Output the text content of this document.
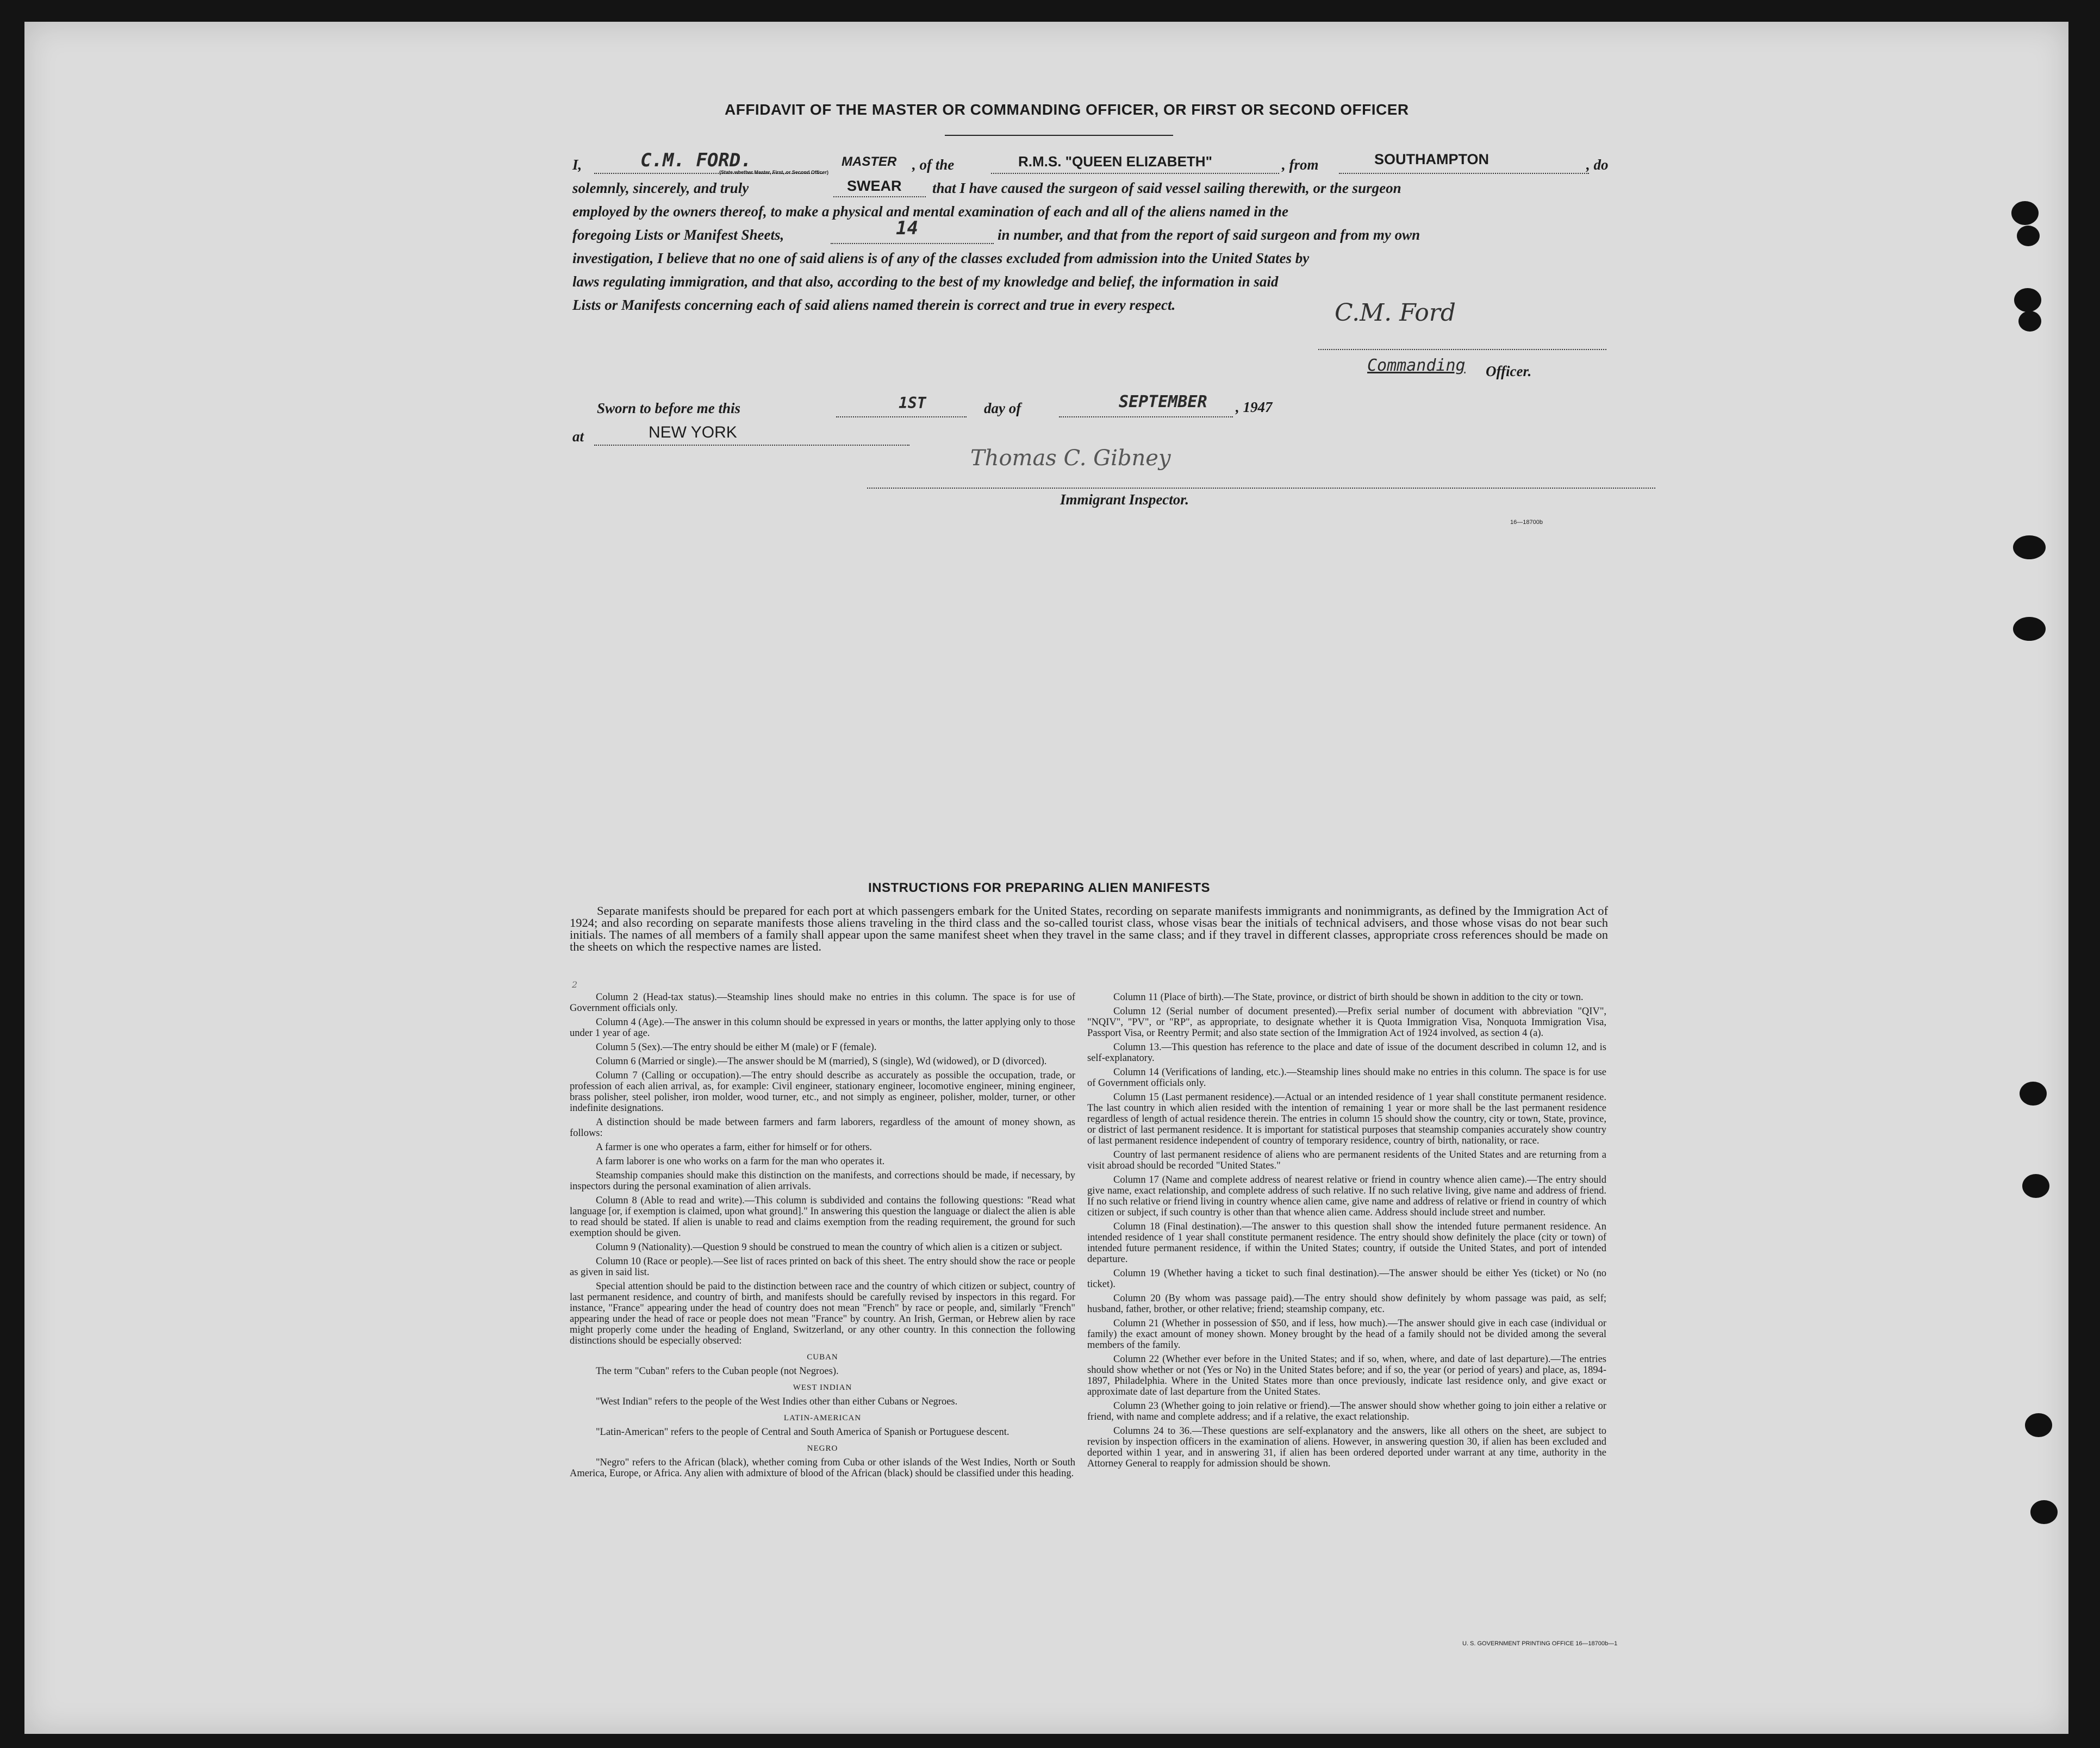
AFFIDAVIT OF THE MASTER OR COMMANDING OFFICER, OR FIRST OR SECOND OFFICER
I,	C.M. FORD.	MASTER
(State whether Master, First, or Second Officer)	, of the	R.M.S. "QUEEN ELIZABETH"	, from	SOUTHAMPTON	, do
solemnly, sincerely, and truly	SWEAR that I have caused the surgeon of said vessel sailing therewith, or the surgeon
employed by the owners thereof, to make a physical and mental examination of each and all of the aliens named in the
foregoing Lists or Manifest Sheets,	14	in number, and that from the report of said surgeon and from my own
investigation, I believe that no one of said aliens is of any of the classes excluded from admission into the United States by
laws regulating immigration, and that also, according to the best of my knowledge and belief, the information in said
Lists or Manifests concerning each of said aliens named therein is correct and true in every respect.	C.M. Ford
Commanding Officer.
Sworn to before me this	1ST	day of	SEPTEMBER , 1947
at	NEW YORK
Thomas C. Gibney
Immigrant Inspector.
16—18700b
INSTRUCTIONS FOR PREPARING ALIEN MANIFESTS
Separate manifests should be prepared for each port at which passengers embark for the United States, recording on separate manifests immigrants and nonimmigrants, as defined by the Immigration Act of 1924; and also recording on separate manifests those aliens traveling in the third class and the so-called tourist class, whose visas bear the initials of technical advisers, and those whose visas do not bear such initials. The names of all members of a family shall appear upon the same manifest sheet when they travel in the same class; and if they travel in different classes, appropriate cross references should be made on the sheets on which the respective names are listed.
2

Column 2 (Head-tax status).—Steamship lines should make no entries in this column. The space is for use of Government officials only.

Column 4 (Age).—The answer in this column should be expressed in years or months, the latter applying only to those under 1 year of age.

Column 5 (Sex).—The entry should be either M (male) or F (female).

Column 6 (Married or single).—The answer should be M (married), S (single), Wd (widowed), or D (divorced).

Column 7 (Calling or occupation).—The entry should describe as accurately as possible the occupation, trade, or profession of each alien arrival, as, for example: Civil engineer, stationary engineer, locomotive engineer, mining engineer, brass polisher, steel polisher, iron molder, wood turner, etc., and not simply as engineer, polisher, molder, turner, or other indefinite designations.

A distinction should be made between farmers and farm laborers, regardless of the amount of money shown, as follows:

A farmer is one who operates a farm, either for himself or for others.

A farm laborer is one who works on a farm for the man who operates it.

Steamship companies should make this distinction on the manifests, and corrections should be made, if necessary, by inspectors during the personal examination of alien arrivals.

Column 8 (Able to read and write).—This column is subdivided and contains the following questions: "Read what language [or, if exemption is claimed, upon what ground]." In answering this question the language or dialect the alien is able to read should be stated. If alien is unable to read and claims exemption from the reading requirement, the ground for such exemption should be given.

Column 9 (Nationality).—Question 9 should be construed to mean the country of which alien is a citizen or subject.

Column 10 (Race or people).—See list of races printed on back of this sheet. The entry should show the race or people as given in said list.

Special attention should be paid to the distinction between race and the country of which citizen or subject, country of last permanent residence, and country of birth, and manifests should be carefully revised by inspectors in this regard. For instance, "France" appearing under the head of country does not mean "French" by race or people, and, similarly "French" appearing under the head of race or people does not mean "France" by country. An Irish, German, or Hebrew alien by race might properly come under the heading of England, Switzerland, or any other country. In this connection the following distinctions should be especially observed:

CUBAN

The term "Cuban" refers to the Cuban people (not Negroes).

WEST INDIAN

"West Indian" refers to the people of the West Indies other than either Cubans or Negroes.

LATIN-AMERICAN

"Latin-American" refers to the people of Central and South America of Spanish or Portuguese descent.

NEGRO

"Negro" refers to the African (black), whether coming from Cuba or other islands of the West Indies, North or South America, Europe, or Africa. Any alien with admixture of blood of the African (black) should be classified under this heading.

Column 11 (Place of birth).—The State, province, or district of birth should be shown in addition to the city or town.

Column 12 (Serial number of document presented).—Prefix serial number of document with abbreviation "QIV", "NQIV", "PV", or "RP", as appropriate, to designate whether it is Quota Immigration Visa, Nonquota Immigration Visa, Passport Visa, or Reentry Permit; and also state section of the Immigration Act of 1924 involved, as section 4 (a).

Column 13.—This question has reference to the place and date of issue of the document described in column 12, and is self-explanatory.

Column 14 (Verifications of landing, etc.).—Steamship lines should make no entries in this column. The space is for use of Government officials only.

Column 15 (Last permanent residence).—Actual or an intended residence of 1 year shall constitute permanent residence. The last country in which alien resided with the intention of remaining 1 year or more shall be the last permanent residence regardless of length of actual residence therein. The entries in column 15 should show the country, city or town, State, province, or district of last permanent residence. It is important for statistical purposes that steamship companies accurately show country of last permanent residence independent of country of temporary residence, country of birth, nationality, or race.

Country of last permanent residence of aliens who are permanent residents of the United States and are returning from a visit abroad should be recorded "United States."

Column 17 (Name and complete address of nearest relative or friend in country whence alien came).—The entry should give name, exact relationship, and complete address of such relative. If no such relative living, give name and address of friend. If no such relative or friend living in country whence alien came, give name and address of relative or friend in country of which citizen or subject, if such country is other than that whence alien came. Address should include street and number.

Column 18 (Final destination).—The answer to this question shall show the intended future permanent residence. An intended residence of 1 year shall constitute permanent residence. The entry should show definitely the place (city or town) of intended future permanent residence, if within the United States; country, if outside the United States, and port of intended departure.

Column 19 (Whether having a ticket to such final destination).—The answer should be either Yes (ticket) or No (no ticket).

Column 20 (By whom was passage paid).—The entry should show definitely by whom passage was paid, as self; husband, father, brother, or other relative; friend; steamship company, etc.

Column 21 (Whether in possession of $50, and if less, how much).—The answer should give in each case (individual or family) the exact amount of money shown. Money brought by the head of a family should not be divided among the several members of the family.

Column 22 (Whether ever before in the United States; and if so, when, where, and date of last departure).—The entries should show whether or not (Yes or No) in the United States before; and if so, the year (or period of years) and place, as, 1894-1897, Philadelphia. Where in the United States more than once previously, indicate last residence only, and give exact or approximate date of last departure from the United States.

Column 23 (Whether going to join relative or friend).—The answer should show whether going to join either a relative or friend, with name and complete address; and if a relative, the exact relationship.

Columns 24 to 36.—These questions are self-explanatory and the answers, like all others on the sheet, are subject to revision by inspection officers in the examination of aliens. However, in answering question 30, if alien has been excluded and deported within 1 year, and in answering 31, if alien has been ordered deported under warrant at any time, authority in the Attorney General to reapply for admission should be shown.

U. S. GOVERNMENT PRINTING OFFICE 16—18700b—1
